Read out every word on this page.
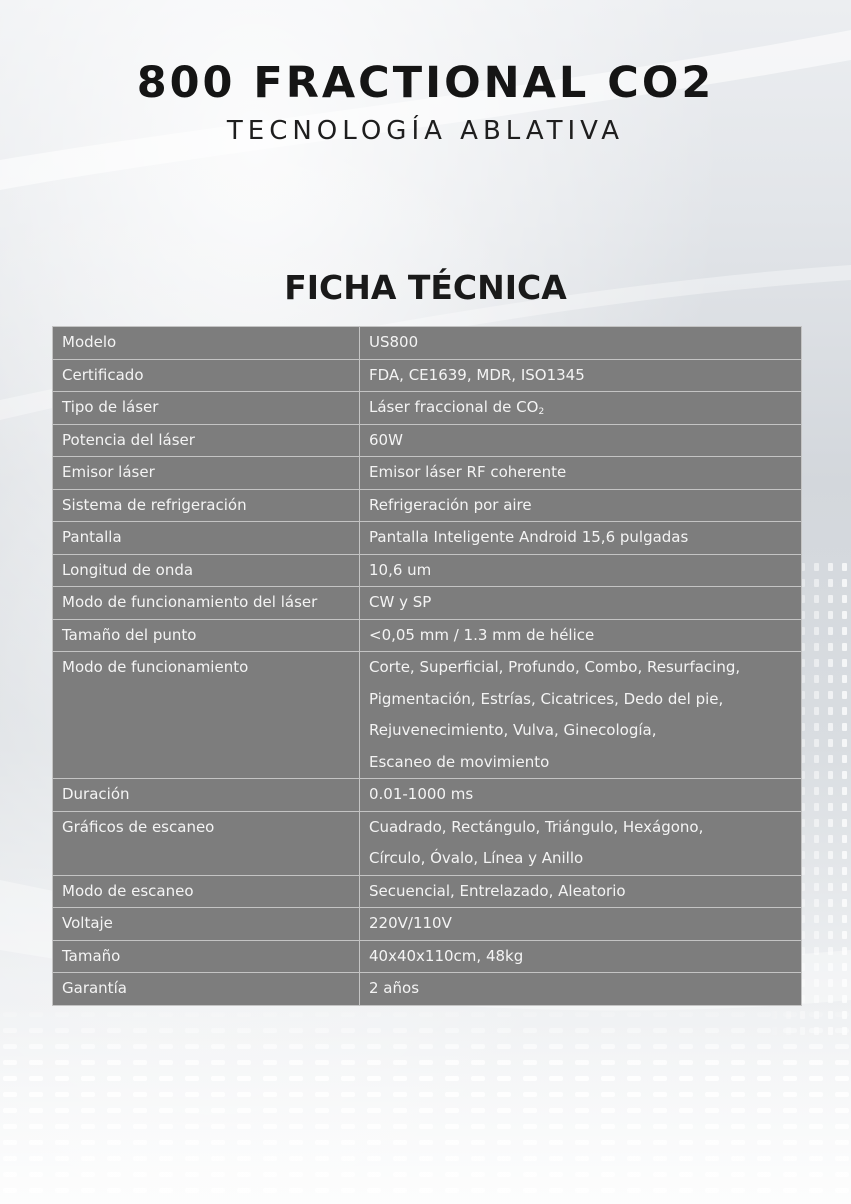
800 FRACTIONAL CO2
TECNOLOGÍA ABLATIVA
FICHA TÉCNICA
Modelo	US800

Certificado	FDA, CE1639, MDR, ISO1345

Tipo de láser	Láser fraccional de $CO_2$

Potencia del láser	60W

Emisor láser	Emisor láser RF coherente

Sistema de refrigeración	Refrigeración por aire

Pantalla	Pantalla Inteligente Android 15,6 pulgadas

Longitud de onda	10,6 um

Modo de funcionamiento del láser	CW y SP

Tamaño del punto	<0,05 mm / 1.3 mm de hélice

Modo de funcionamiento	Corte, Superficial, Profundo, Combo, Resurfacing,
Pigmentación, Estrías, Cicatrices, Dedo del pie,
Rejuvenecimiento, Vulva, Ginecología,
Escaneo de movimiento

Duración	0.01-1000 ms

Gráficos de escaneo	Cuadrado, Rectángulo, Triángulo, Hexágono,
Círculo, Óvalo, Línea y Anillo

Modo de escaneo	Secuencial, Entrelazado, Aleatorio

Voltaje	220V/110V

Tamaño	40x40x110cm, 48kg

Garantía	2 años
